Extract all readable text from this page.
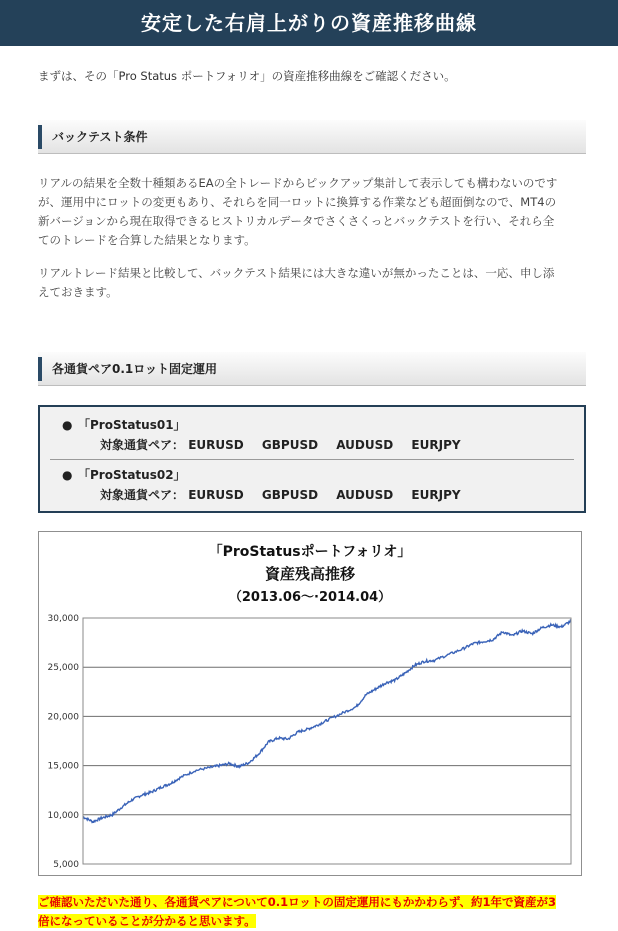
安定した右肩上がりの資産推移曲線
まずは、その「Pro Status ポートフォリオ」の資産推移曲線をご確認ください。
バックテスト条件

リアルの結果を全数十種類あるEAの全トレードからピックアップ集計して表示しても構わないのです

が、運用中にロットの変更もあり、それらを同一ロットに換算する作業なども超面倒なので、MT4の

新バージョンから現在取得できるヒストリカルデータでさくさくっとバックテストを行い、それら全

てのトレードを合算した結果となります。

リアルトレード結果と比較して、バックテスト結果には大きな違いが無かったことは、一応、申し添

えておきます。

各通貨ペア0.1ロット固定運用
● 「ProStatus01」
対象通貨ペア： EURUSD GBPUSD AUDUSD EURJPY
● 「ProStatus02」
対象通貨ペア： EURUSD GBPUSD AUDUSD EURJPY
「ProStatusポートフォリオ」
資産残高推移
（2013.06〜·2014.04）
5,000
10,000
15,000
20,000
25,000
30,000
ご確認いただいた通り、各通貨ペアについて0.1ロットの固定運用にもかかわらず、約1年で資産が3
倍になっていることが分かると思います。
